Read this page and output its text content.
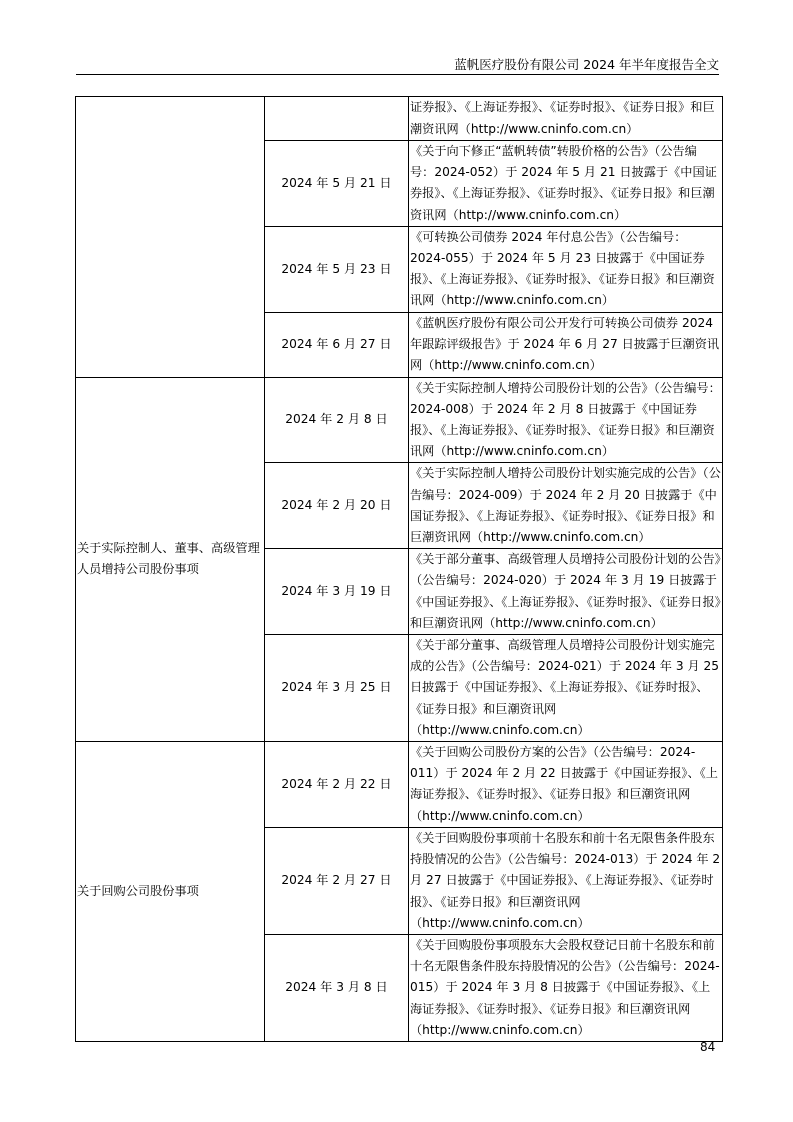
蓝帆医疗股份有限公司 2024 年半年度报告全文
		证券报》、《上海证券报》、《证券时报》、《证券日报》和巨潮资讯网（http://www.cninfo.com.cn）
	2024 年 5 月 21 日	《关于向下修正“蓝帆转债”转股价格的公告》（公告编号：2024-052）于 2024 年 5 月 21 日披露于《中国证券报》、《上海证券报》、《证券时报》、《证券日报》和巨潮资讯网（http://www.cninfo.com.cn）
	2024 年 5 月 23 日	《可转换公司债券 2024 年付息公告》（公告编号：2024-055）于 2024 年 5 月 23 日披露于《中国证券报》、《上海证券报》、《证券时报》、《证券日报》和巨潮资讯网（http://www.cninfo.com.cn）
	2024 年 6 月 27 日	《蓝帆医疗股份有限公司公开发行可转换公司债券 2024 年跟踪评级报告》于 2024 年 6 月 27 日披露于巨潮资讯网（http://www.cninfo.com.cn）
关于实际控制人、董事、高级管理人员增持公司股份事项	2024 年 2 月 8 日	《关于实际控制人增持公司股份计划的公告》（公告编号：2024-008）于 2024 年 2 月 8 日披露于《中国证券报》、《上海证券报》、《证券时报》、《证券日报》和巨潮资讯网（http://www.cninfo.com.cn）
	2024 年 2 月 20 日	《关于实际控制人增持公司股份计划实施完成的公告》（公告编号：2024-009）于 2024 年 2 月 20 日披露于《中国证券报》、《上海证券报》、《证券时报》、《证券日报》和巨潮资讯网（http://www.cninfo.com.cn）
	2024 年 3 月 19 日	《关于部分董事、高级管理人员增持公司股份计划的公告》（公告编号：2024-020）于 2024 年 3 月 19 日披露于《中国证券报》、《上海证券报》、《证券时报》、《证券日报》和巨潮资讯网（http://www.cninfo.com.cn）
	2024 年 3 月 25 日	《关于部分董事、高级管理人员增持公司股份计划实施完成的公告》（公告编号：2024-021）于 2024 年 3 月 25 日披露于《中国证券报》、《上海证券报》、《证券时报》、《证券日报》和巨潮资讯网（http://www.cninfo.com.cn）
关于回购公司股份事项	2024 年 2 月 22 日	《关于回购公司股份方案的公告》（公告编号：2024-011）于 2024 年 2 月 22 日披露于《中国证券报》、《上海证券报》、《证券时报》、《证券日报》和巨潮资讯网（http://www.cninfo.com.cn）
	2024 年 2 月 27 日	《关于回购股份事项前十名股东和前十名无限售条件股东持股情况的公告》（公告编号：2024-013）于 2024 年 2 月 27 日披露于《中国证券报》、《上海证券报》、《证券时报》、《证券日报》和巨潮资讯网（http://www.cninfo.com.cn）
	2024 年 3 月 8 日	《关于回购股份事项股东大会股权登记日前十名股东和前十名无限售条件股东持股情况的公告》（公告编号：2024-015）于 2024 年 3 月 8 日披露于《中国证券报》、《上海证券报》、《证券时报》、《证券日报》和巨潮资讯网（http://www.cninfo.com.cn）
84
